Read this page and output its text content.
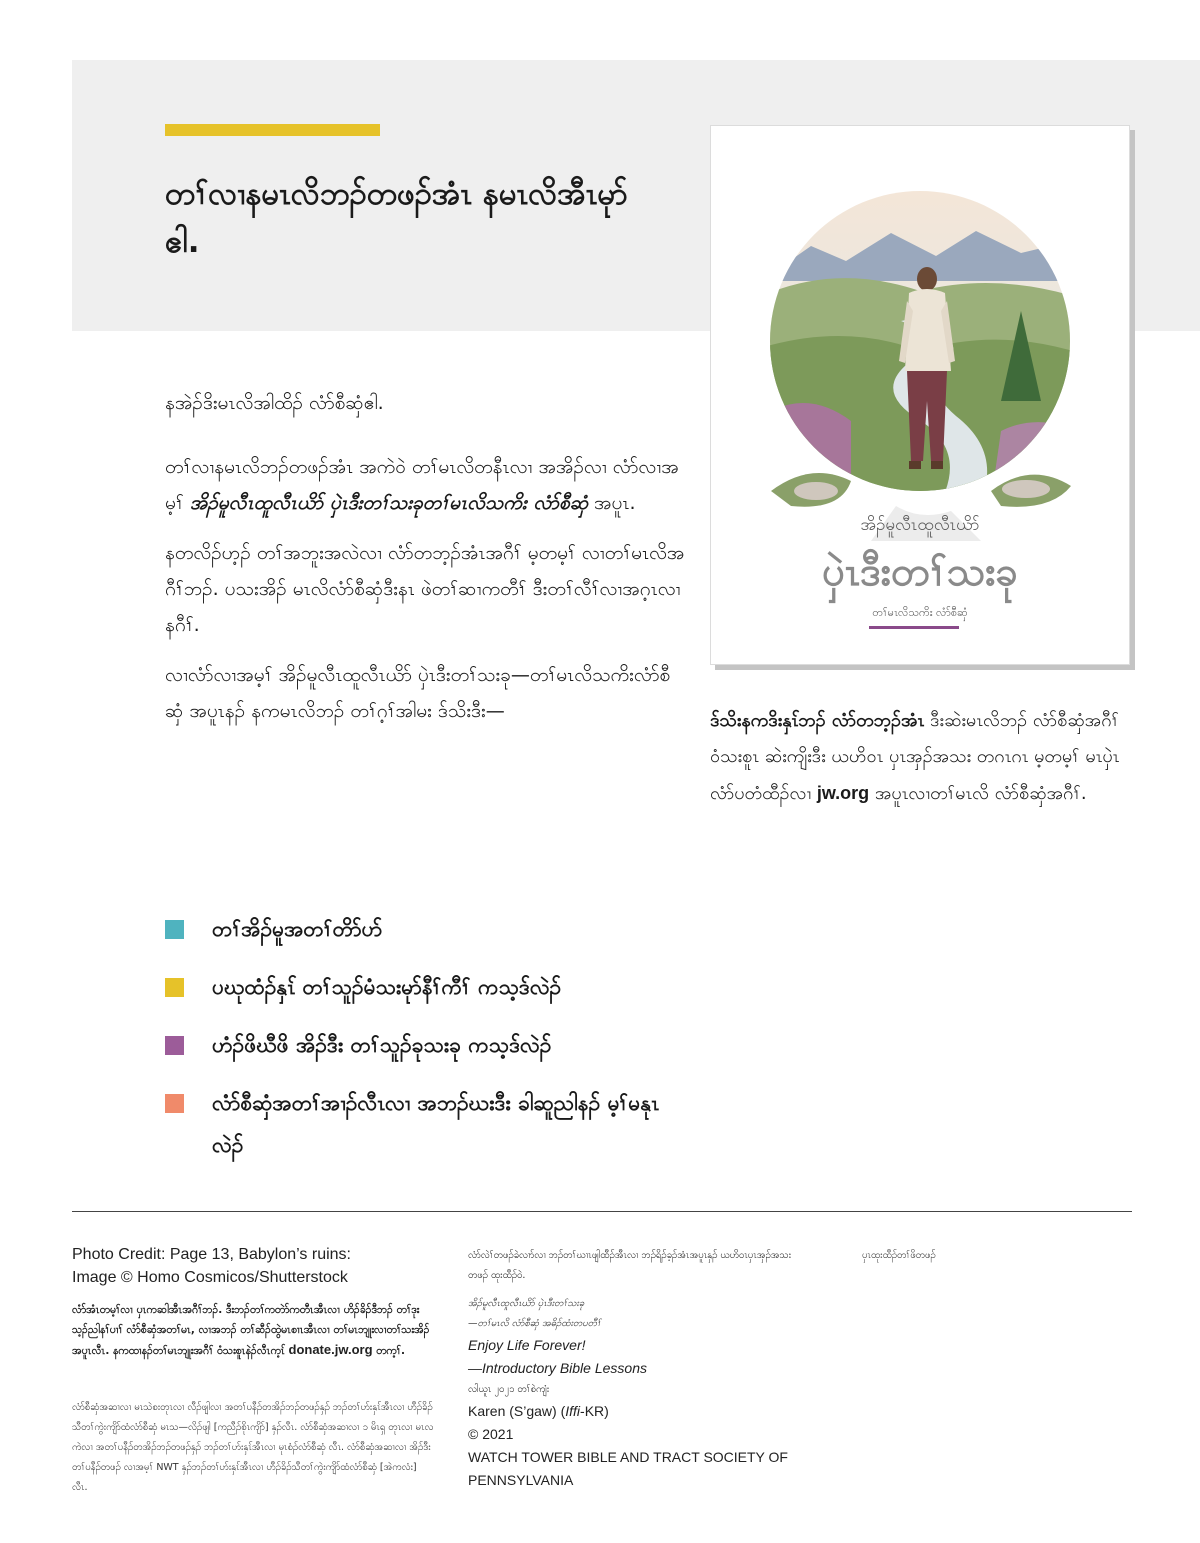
တၢ်လၢနမၤလိဘၣ်တဖၣ်အံၤ နမၤလိအီၤမုာ်ဧါ.
အိၣ်မူလီၤထူလီၤယိာ်
ပှဲၤဒီးတၢ်သးခု
တၢ်မၤလိသကိး လံာ်စီဆှံ

နအဲၣ်ဒိးမၤလိအါထိၣ် လံာ်စီဆှံဧါ.

တၢ်လၢနမၤလိဘၣ်တဖၣ်အံၤ အကဲဝဲ တၢ်မၤလိတနီၤလၢ အအိၣ်လၢ လံာ်လၢအမ့ၢ် အိၣ်မူလီၤထူလီၤယိာ် ပှဲၤဒီးတၢ်သးခုတၢ်မၤလိသကိး လံာ်စီဆှံ အပူၤ.

နတလိၣ်ဟ့ၣ် တၢ်အဘူးအလဲလၢ လံာ်တဘ့ၣ်အံၤအဂီၢ် မ့တမ့ၢ် လၢတၢ်မၤလိအဂီၢ်ဘၣ်. ပသးအိၣ် မၤလိလံာ်စီဆှံဒီးနၤ ဖဲတၢ်ဆၢကတီၢ် ဒီးတၢ်လီၢ်လၢအဂ့ၤလၢနဂီၢ်.

လၢလံာ်လၢအမ့ၢ် အိၣ်မူလီၤထူလီၤယိာ် ပှဲၤဒီးတၢ်သးခု—တၢ်မၤလိသကိးလံာ်စီဆှံ အပူၤနၣ် နကမၤလိဘၣ် တၢ်ဂ့ၢ်အါမး ဒ်သိးဒီး—	ဒ်သိးနကဒိးနှၤ်ဘၣ် လံာ်တဘ့ၣ်အံၤ ဒီးဆဲးမၤလိဘၣ် လံာ်စီဆှံအဂီၢ် ဝံသးစူၤ ဆဲးကျိးဒီး ယဟိဝၤ ပှၤအှၣ်အသး တဂၤဂၤ မ့တမ့ၢ် မၤပှဲၤလံာ်ပတံထီၣ်လၢ jw.org အပူၤလၢတၢ်မၤလိ လံာ်စီဆှံအဂီၢ်.
တၢ်အိၣ်မူအတၢ်တိာ်ပာ်
ပဃုထံၣ်နှၤ် တၢ်သူၣ်မံသးမုာ်နီၢ်ကီၢ် ကသ့ဒ်လဲၣ်
ဟံၣ်ဖိဃီဖိ အိၣ်ဒီး တၢ်သူၣ်ခုသးခု ကသ့ဒ်လဲၣ်
လံာ်စီဆှံအတၢ်အၢၣ်လီၤလၢ အဘၣ်ဃးဒီး ခါဆူညါနၣ် မ့ၢ်မနုၤလဲၣ်
Photo Credit: Page 13, Babylon’s ruins:
Image © Homo Cosmicos/Shutterstock
လံာ်အံၤတမ့ၢ်လၢ ပှၤကဆါအီၤအဂီၢ်ဘၣ်. ဒီးဘၣ်တၢ်ကတဲာ်ကတီၤအီၤလၢ ဟိၣ်ခိၣ်ဒီဘၣ် တၢ်ဒုးသ့ၣ်ညါနၢ်ပၢၢ် လံာ်စီဆှံအတၢ်မၤ, လၢအဘၣ် တၢ်ဆီၣ်ထွဲမၤစၢၤအီၤလၢ တၢ်မၤဘျုးလၢတၢ်သးအိၣ်အပူၤလီၤ. နကထၢနၣ်တၢ်မၤဘျုးအဂီၢ် ဝံသးစူၤနဲၣ်လီၤက့ၤ် donate.jw.org တက့ၢ်.
လံာ်စီဆှံအဆၢလၢ မၤသဲစးတုၤလၢ လီၣ်ဖျါလၢ အတၢ်ပနီၣ်တအိၣ်ဘၣ်တဖၣ်နှၣ် ဘၣ်တၢ်ဟ်းနှၤ်အီၤလၢ ဟီၣ်ခိၣ်သီတၢ်ကွဲးကျိာ်ထံလံာ်စီဆှံ မၤသ—လိၣ်ဖျါ [ကညီၣ်စိုၤကျိာ်] နှၣ်လီၤ. လံာ်စီဆှံအဆၢလၢ ၁ မိၤရှ တုၤလၢ မၤလကဲလၢ အတၢ်ပနီၣ်တအိၣ်ဘၣ်တဖၣ်နှၣ် ဘၣ်တၢ်ဟ်းနှၤ်အီၤလၢ မုၤစံၣ်လံာ်စီဆှံ လီၤ. လံာ်စီဆှံအဆၢလၢ အိၣ်ဒီးတၢ်ပနီၣ်တဖၣ် လၢအမ့ၢ် NWT နှၣ်ဘၣ်တၢ်ဟ်းနှၤ်အီၤလၢ ဟီၣ်ခိၣ်သီတၢ်ကွဲးကျိာ်ထံလံာ်စီဆှံ [အဲကလံး] လီၤ.

လံာ်လဲၢ်တဖၣ်ခဲလၢာ်လၢ ဘၣ်တၢ်ဃၢၤဖျါထီၣ်အီၤလၢ ဘၣ်ရိၣ်ခ့ၣ်အံၤအပူၤနှၣ် ယဟိဝၤပှၤအှၣ်အသးတဖၣ် ထုးထီၣ်ဝဲ.

အိၣ်မူလီၤထူလီၤယိာ် ပှဲၤဒီးတၢ်သးခု

—တၢ်မၤလိ လံာ်စီဆှံ အဓိၣ်ထံးတပတီၢ်

Enjoy Life Forever!

—Introductory Bible Lessons

လါယူၤ ၂၀၂၁ တၢ်စဲကျံး

Karen (S’gaw) (Iffi-KR)

© 2021

WATCH TOWER BIBLE AND TRACT SOCIETY OF

PENNSYLVANIA

ပှၤထုးထီၣ်တၢ်ဖိတဖၣ်
